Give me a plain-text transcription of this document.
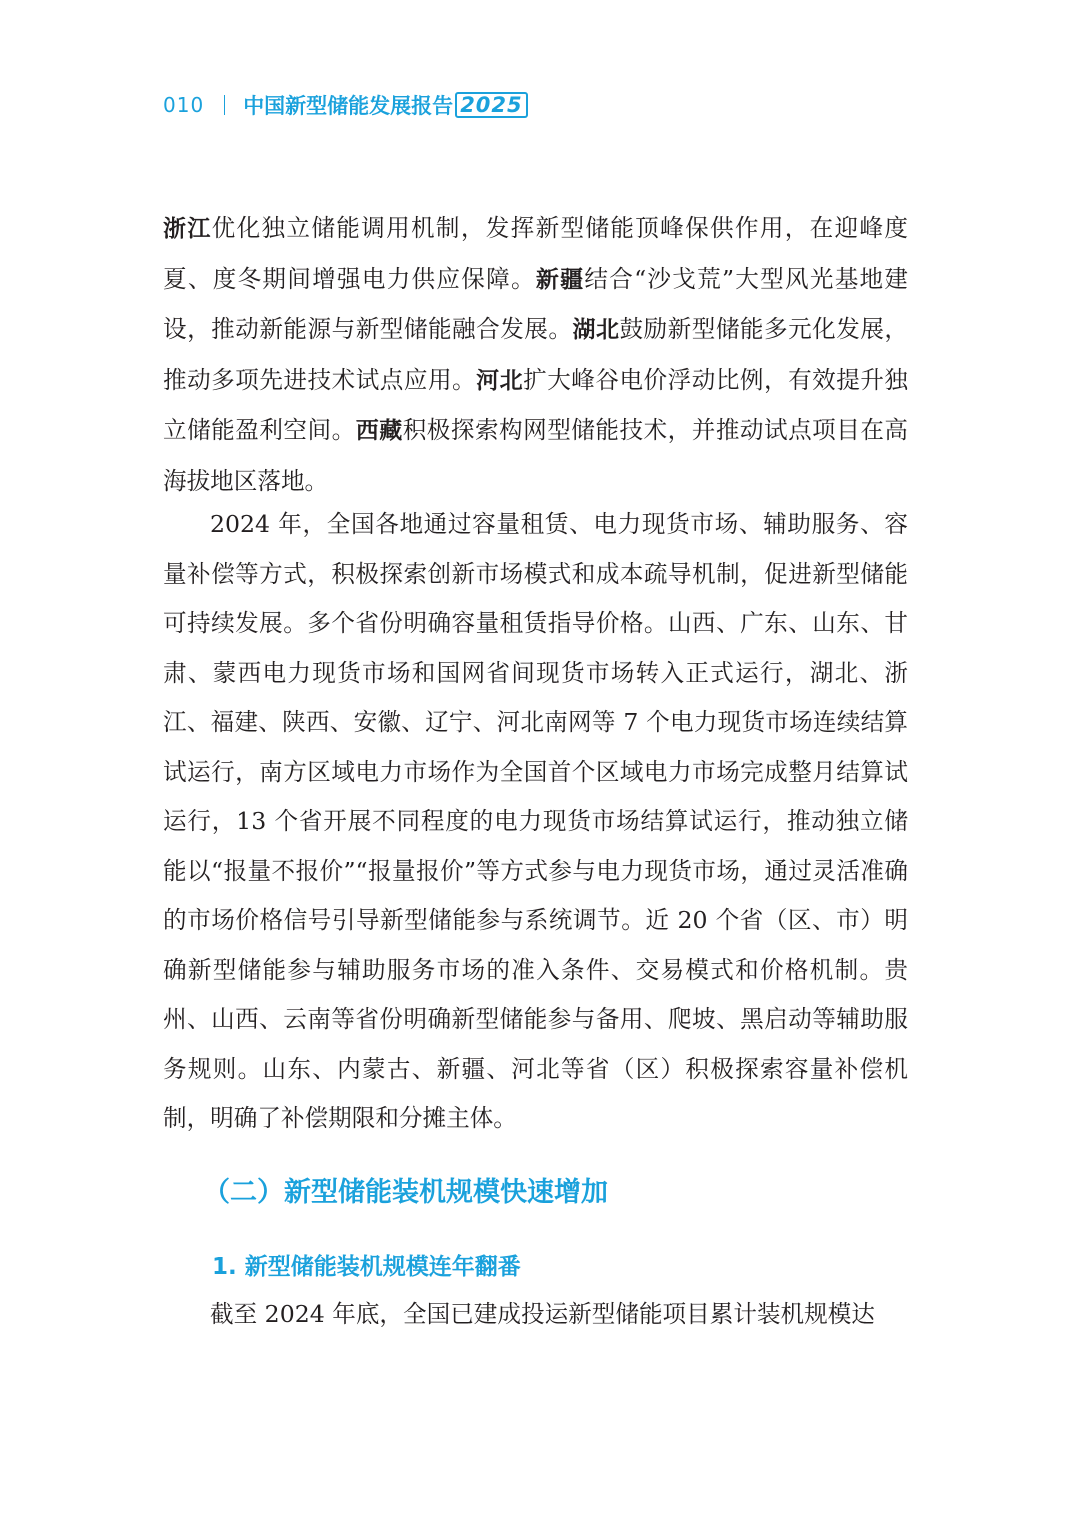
010 中国新型储能发展报告 2025

浙江优化独立储能调用机制，发挥新型储能顶峰保供作用，在迎峰度夏、度冬期间增强电力供应保障。新疆结合“沙戈荒”大型风光基地建设，推动新能源与新型储能融合发展。湖北鼓励新型储能多元化发展，推动多项先进技术试点应用。河北扩大峰谷电价浮动比例，有效提升独立储能盈利空间。西藏积极探索构网型储能技术，并推动试点项目在高海拔地区落地。

2024 年，全国各地通过容量租赁、电力现货市场、辅助服务、容量补偿等方式，积极探索创新市场模式和成本疏导机制，促进新型储能可持续发展。多个省份明确容量租赁指导价格。山西、广东、山东、甘肃、蒙西电力现货市场和国网省间现货市场转入正式运行，湖北、浙江、福建、陕西、安徽、辽宁、河北南网等 7 个电力现货市场连续结算试运行，南方区域电力市场作为全国首个区域电力市场完成整月结算试运行，13 个省开展不同程度的电力现货市场结算试运行，推动独立储能以“报量不报价”“报量报价”等方式参与电力现货市场，通过灵活准确的市场价格信号引导新型储能参与系统调节。近 20 个省（区、市）明确新型储能参与辅助服务市场的准入条件、交易模式和价格机制。贵州、山西、云南等省份明确新型储能参与备用、爬坡、黑启动等辅助服务规则。山东、内蒙古、新疆、河北等省（区）积极探索容量补偿机制，明确了补偿期限和分摊主体。

（二）新型储能装机规模快速增加
1. 新型储能装机规模连年翻番

截至 2024 年底，全国已建成投运新型储能项目累计装机规模达
